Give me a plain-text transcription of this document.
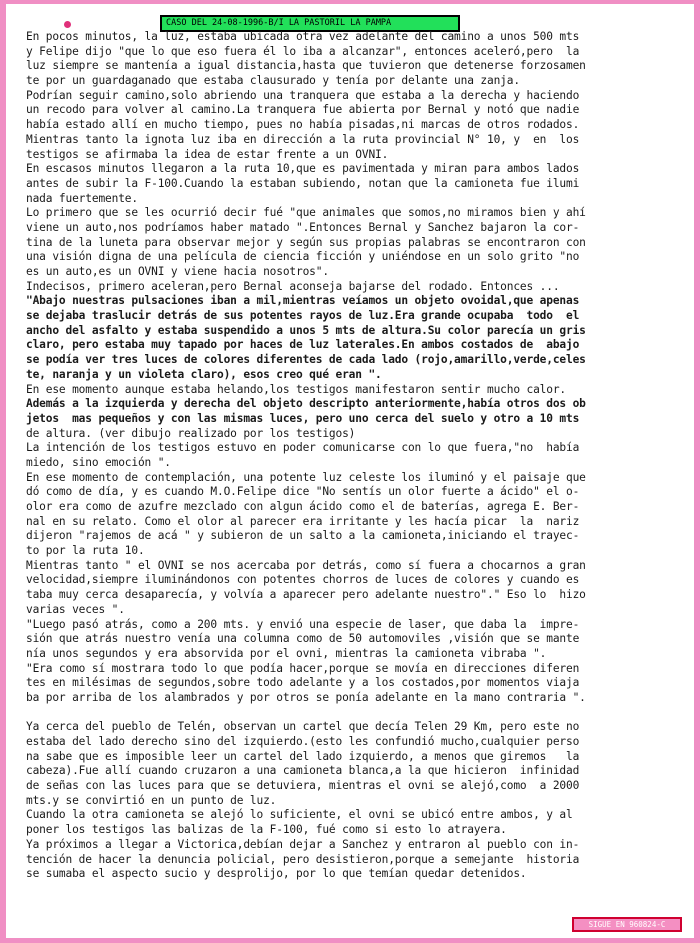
CASO DEL 24-08-1996-B/I LA PASTORIL LA PAMPA
En pocos minutos, la luz, estaba ubicada otra vez adelante del camino a unos 500 mts
y Felipe dijo "que lo que eso fuera él lo iba a alcanzar", entonces aceleró,pero  la
luz siempre se mantenía a igual distancia,hasta que tuvieron que detenerse forzosamen
te por un guardaganado que estaba clausurado y tenía por delante una zanja.
Podrían seguir camino,solo abriendo una tranquera que estaba a la derecha y haciendo
un recodo para volver al camino.La tranquera fue abierta por Bernal y notó que nadie
había estado allí en mucho tiempo, pues no había pisadas,ni marcas de otros rodados.
Mientras tanto la ignota luz iba en dirección a la ruta provincial N° 10, y  en  los
testigos se afirmaba la idea de estar frente a un OVNI.
En escasos minutos llegaron a la ruta 10,que es pavimentada y miran para ambos lados
antes de subir la F-100.Cuando la estaban subiendo, notan que la camioneta fue ilumi
nada fuertemente.
Lo primero que se les ocurrió decir fué "que animales que somos,no miramos bien y ahí
viene un auto,nos podríamos haber matado ".Entonces Bernal y Sanchez bajaron la cor-
tina de la luneta para observar mejor y según sus propias palabras se encontraron con
una visión digna de una película de ciencia ficción y uniéndose en un solo grito "no
es un auto,es un OVNI y viene hacia nosotros".
Indecisos, primero aceleran,pero Bernal aconseja bajarse del rodado. Entonces ...
"Abajo nuestras pulsaciones iban a mil,mientras veíamos un objeto ovoidal,que apenas
se dejaba traslucir detrás de sus potentes rayos de luz.Era grande ocupaba  todo  el
ancho del asfalto y estaba suspendido a unos 5 mts de altura.Su color parecía un gris
claro, pero estaba muy tapado por haces de luz laterales.En ambos costados de  abajo
se podía ver tres luces de colores diferentes de cada lado (rojo,amarillo,verde,celes
te, naranja y un violeta claro), esos creo qué eran ".
En ese momento aunque estaba helando,los testigos manifestaron sentir mucho calor.
Además a la izquierda y derecha del objeto descripto anteriormente,había otros dos ob
jetos  mas pequeños y con las mismas luces, pero uno cerca del suelo y otro a 10 mts
de altura. (ver dibujo realizado por los testigos)
La intención de los testigos estuvo en poder comunicarse con lo que fuera,"no  había
miedo, sino emoción ".
En ese momento de contemplación, una potente luz celeste los iluminó y el paisaje que
dó como de día, y es cuando M.O.Felipe dice "No sentís un olor fuerte a ácido" el o-
olor era como de azufre mezclado con algun ácido como el de baterías, agrega E. Ber-
nal en su relato. Como el olor al parecer era irritante y les hacía picar  la  nariz
dijeron "rajemos de acá " y subieron de un salto a la camioneta,iniciando el trayec-
to por la ruta 10.
Mientras tanto " el OVNI se nos acercaba por detrás, como sí fuera a chocarnos a gran
velocidad,siempre iluminándonos con potentes chorros de luces de colores y cuando es
taba muy cerca desaparecía, y volvía a aparecer pero adelante nuestro"." Eso lo  hizo
varias veces ".
"Luego pasó atrás, como a 200 mts. y envió una especie de laser, que daba la  impre-
sión que atrás nuestro venía una columna como de 50 automoviles ,visión que se mante
nía unos segundos y era absorvida por el ovni, mientras la camioneta vibraba ".
"Era como sí mostrara todo lo que podía hacer,porque se movía en direcciones diferen
tes en milésimas de segundos,sobre todo adelante y a los costados,por momentos viaja
ba por arriba de los alambrados y por otros se ponía adelante en la mano contraria ".
Ya cerca del pueblo de Telén, observan un cartel que decía Telen 29 Km, pero este no
estaba del lado derecho sino del izquierdo.(esto les confundió mucho,cualquier perso
na sabe que es imposible leer un cartel del lado izquierdo, a menos que giremos   la
cabeza).Fue allí cuando cruzaron a una camioneta blanca,a la que hicieron  infinidad
de señas con las luces para que se detuviera, mientras el ovni se alejó,como  a 2000
mts.y se convirtió en un punto de luz.
Cuando la otra camioneta se alejó lo suficiente, el ovni se ubicó entre ambos, y al
poner los testigos las balizas de la F-100, fué como si esto lo atrayera.
Ya próximos a llegar a Victorica,debían dejar a Sanchez y entraron al pueblo con in-
tención de hacer la denuncia policial, pero desistieron,porque a semejante  historia
se sumaba el aspecto sucio y desprolijo, por lo que temían quedar detenidos.
SIGUE EN 960824-C
